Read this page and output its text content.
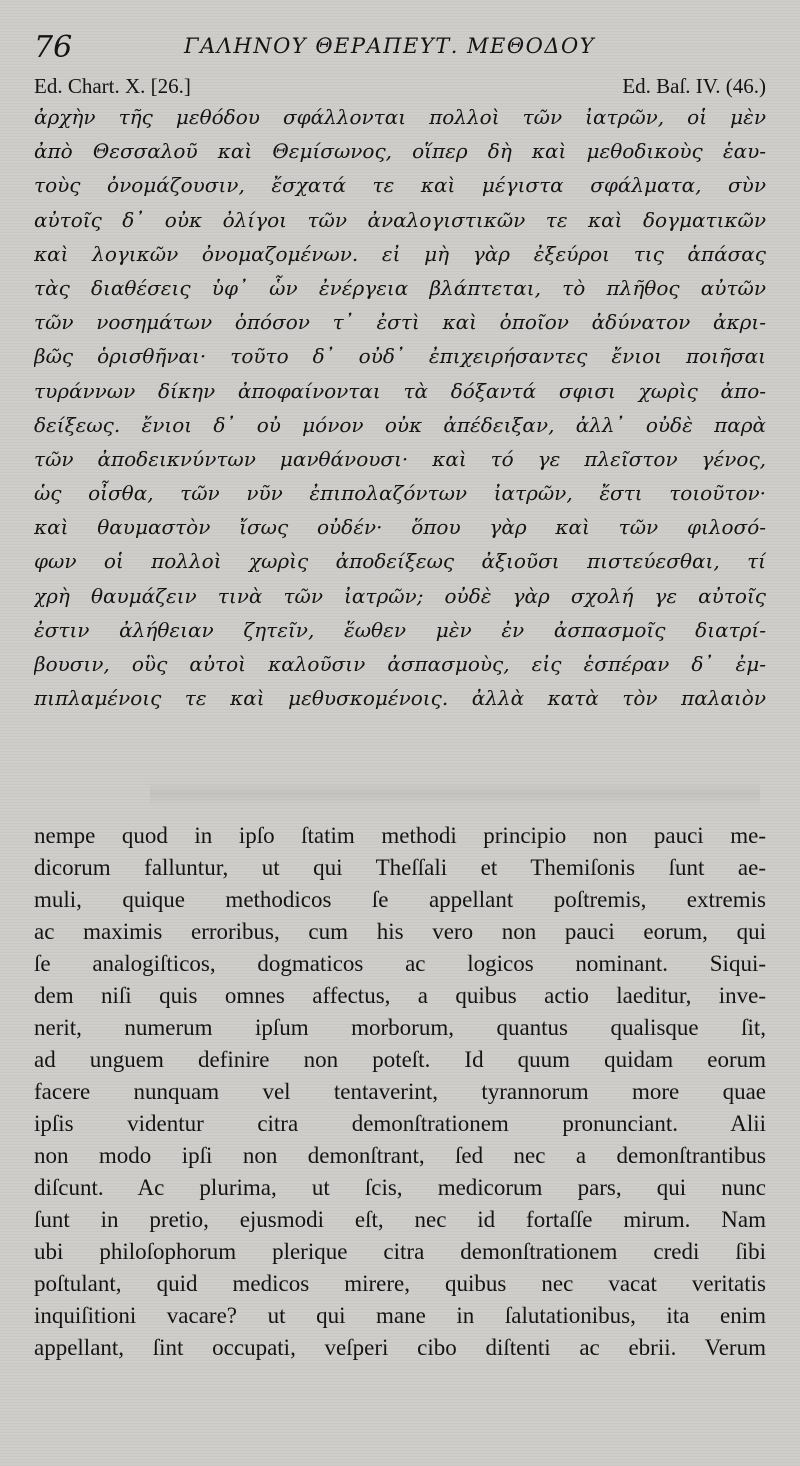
76	ΓΑΛΗΝΟΥ ΘΕΡΑΠΕΥΤ. ΜΕΘΟΔΟΥ
Ed. Chart. X. [26.]	Ed. Baſ. IV. (46.)
ἀρχὴν τῆς μεθόδου σφάλλονται πολλοὶ τῶν ἰατρῶν, οἱ μὲν
ἀπὸ Θεσσαλοῦ καὶ Θεμίσωνος, οἵπερ δὴ καὶ μεθοδικοὺς ἑαυ-
τοὺς ὀνομάζουσιν, ἔσχατά τε καὶ μέγιστα σφάλματα, σὺν
αὐτοῖς δ᾽ οὐκ ὀλίγοι τῶν ἀναλογιστικῶν τε καὶ δογματικῶν
καὶ λογικῶν ὀνομαζομένων. εἰ μὴ γὰρ ἐξεύροι τις ἁπάσας
τὰς διαθέσεις ὑφ᾽ ὧν ἐνέργεια βλάπτεται, τὸ πλῆθος αὐτῶν
τῶν νοσημάτων ὁπόσον τ᾽ ἐστὶ καὶ ὁποῖον ἀδύνατον ἀκρι-
βῶς ὁρισθῆναι· τοῦτο δ᾽ οὐδ᾽ ἐπιχειρήσαντες ἔνιοι ποιῆσαι
τυράννων δίκην ἀποφαίνονται τὰ δόξαντά σφισι χωρὶς ἀπο-
δείξεως. ἔνιοι δ᾽ οὐ μόνον οὐκ ἀπέδειξαν, ἀλλ᾽ οὐδὲ παρὰ
τῶν ἀποδεικνύντων μανθάνουσι· καὶ τό γε πλεῖστον γένος,
ὡς οἶσθα, τῶν νῦν ἐπιπολαζόντων ἰατρῶν, ἔστι τοιοῦτον·
καὶ θαυμαστὸν ἴσως οὐδέν· ὅπου γὰρ καὶ τῶν φιλοσό-
φων οἱ πολλοὶ χωρὶς ἀποδείξεως ἀξιοῦσι πιστεύεσθαι, τί
χρὴ θαυμάζειν τινὰ τῶν ἰατρῶν; οὐδὲ γὰρ σχολή γε αὐτοῖς
ἐστιν ἀλήθειαν ζητεῖν, ἕωθεν μὲν ἐν ἀσπασμοῖς διατρί-
βουσιν, οὓς αὐτοὶ καλοῦσιν ἀσπασμοὺς, εἰς ἑσπέραν δ᾽ ἐμ-
πιπλαμένοις τε καὶ μεθυσκομένοις. ἀλλὰ κατὰ τὸν παλαιὸν
nempe quod in ipſo ſtatim methodi principio non pauci me-
dicorum falluntur, ut qui Theſſali et Themiſonis ſunt ae-
muli, quique methodicos ſe appellant poſtremis, extremis
ac maximis erroribus, cum his vero non pauci eorum, qui
ſe analogiſticos, dogmaticos ac logicos nominant. Siqui-
dem niſi quis omnes affectus, a quibus actio laeditur, inve-
nerit, numerum ipſum morborum, quantus qualisque ſit,
ad unguem definire non poteſt. Id quum quidam eorum
facere nunquam vel tentaverint, tyrannorum more quae
ipſis videntur citra demonſtrationem pronunciant. Alii
non modo ipſi non demonſtrant, ſed nec a demonſtrantibus
diſcunt. Ac plurima, ut ſcis, medicorum pars, qui nunc
ſunt in pretio, ejusmodi eſt, nec id fortaſſe mirum. Nam
ubi philoſophorum plerique citra demonſtrationem credi ſibi
poſtulant, quid medicos mirere, quibus nec vacat veritatis
inquiſitioni vacare? ut qui mane in ſalutationibus, ita enim
appellant, ſint occupati, veſperi cibo diſtenti ac ebrii. Verum
